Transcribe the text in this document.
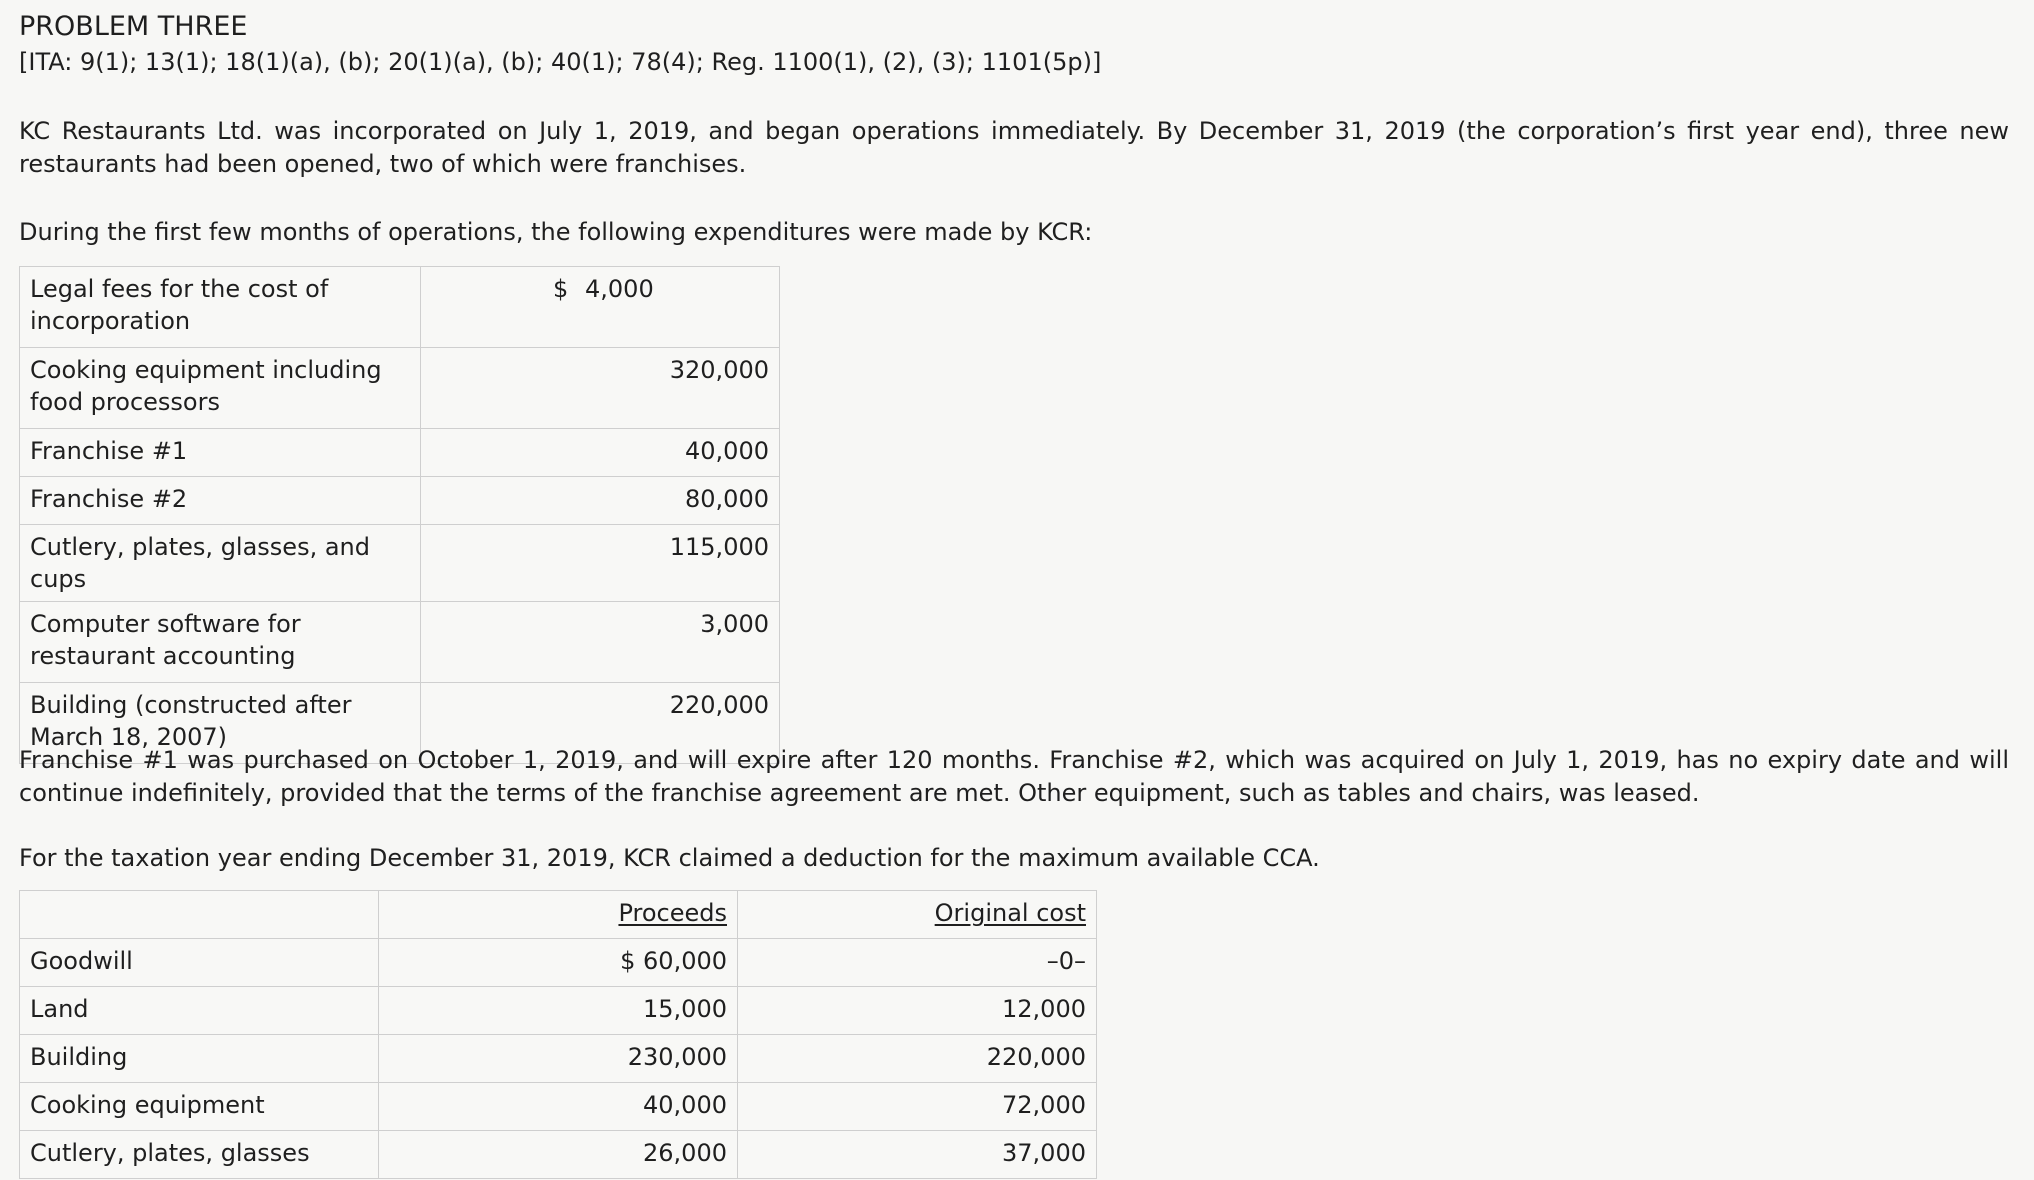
PROBLEM THREE

[ITA: 9(1); 13(1); 18(1)(a), (b); 20(1)(a), (b); 40(1); 78(4); Reg. 1100(1), (2), (3); 1101(5p)]

KC Restaurants Ltd. was incorporated on July 1, 2019, and began operations immediately. By December 31, 2019 (the corporation’s first year end), three new restaurants had been opened, two of which were franchises.

During the first few months of operations, the following expenditures were made by KCR:

Legal fees for the cost of incorporation	$ 4,000

Cooking equipment including food processors	320,000
Franchise #1	40,000
Franchise #2	80,000
Cutlery, plates, glasses, and cups	115,000
Computer software for restaurant accounting	3,000
Building (constructed after March 18, 2007)	220,000

Franchise #1 was purchased on October 1, 2019, and will expire after 120 months. Franchise #2, which was acquired on July 1, 2019, has no expiry date and will continue indefinitely, provided that the terms of the franchise agreement are met. Other equipment, such as tables and chairs, was leased.

For the taxation year ending December 31, 2019, KCR claimed a deduction for the maximum available CCA.

	Proceeds	Original cost
Goodwill	$ 60,000	–0–
Land	15,000	12,000
Building	230,000	220,000
Cooking equipment	40,000	72,000
Cutlery, plates, glasses	26,000	37,000
